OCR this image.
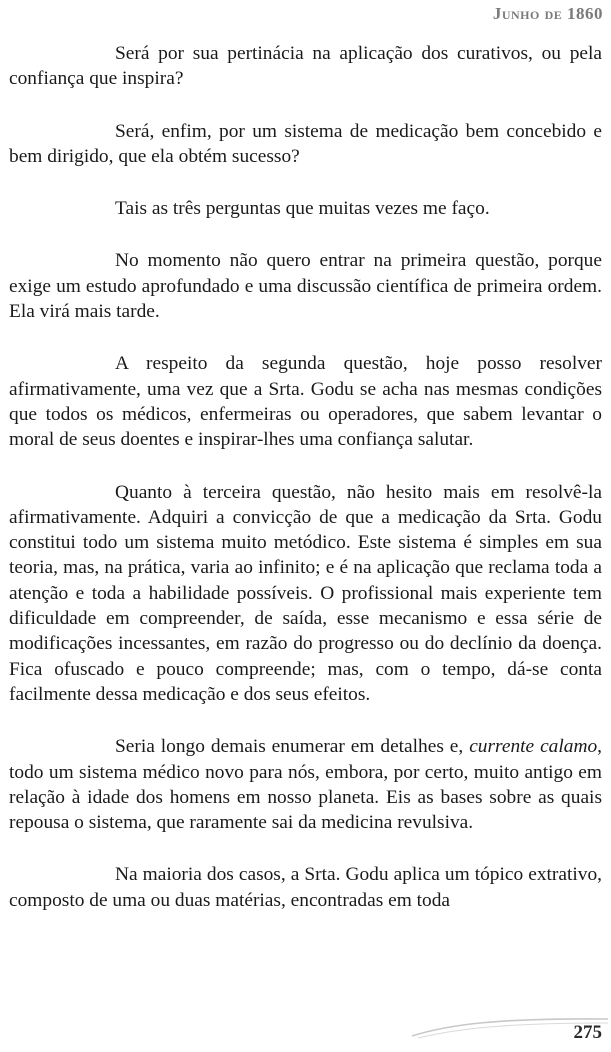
Junho de 1860

Será por sua pertinácia na aplicação dos curativos, ou pela confiança que inspira?

Será, enfim, por um sistema de medicação bem concebido e bem dirigido, que ela obtém sucesso?

Tais as três perguntas que muitas vezes me faço.

No momento não quero entrar na primeira questão, porque exige um estudo aprofundado e uma discussão científica de primeira ordem. Ela virá mais tarde.

A respeito da segunda questão, hoje posso resolver afirmativamente, uma vez que a Srta. Godu se acha nas mesmas condições que todos os médicos, enfermeiras ou operadores, que sabem levantar o moral de seus doentes e inspirar-lhes uma confiança salutar.

Quanto à terceira questão, não hesito mais em resolvê-la afirmativamente. Adquiri a convicção de que a medicação da Srta. Godu constitui todo um sistema muito metódico. Este sistema é simples em sua teoria, mas, na prática, varia ao infinito; e é na aplicação que reclama toda a atenção e toda a habilidade possíveis. O profissional mais experiente tem dificuldade em compreender, de saída, esse mecanismo e essa série de modificações incessantes, em razão do progresso ou do declínio da doença. Fica ofuscado e pouco compreende; mas, com o tempo, dá-se conta facilmente dessa medicação e dos seus efeitos.

Seria longo demais enumerar em detalhes e, currente calamo, todo um sistema médico novo para nós, embora, por certo, muito antigo em relação à idade dos homens em nosso planeta. Eis as bases sobre as quais repousa o sistema, que raramente sai da medicina revulsiva.

Na maioria dos casos, a Srta. Godu aplica um tópico extrativo, composto de uma ou duas matérias, encontradas em toda

275
